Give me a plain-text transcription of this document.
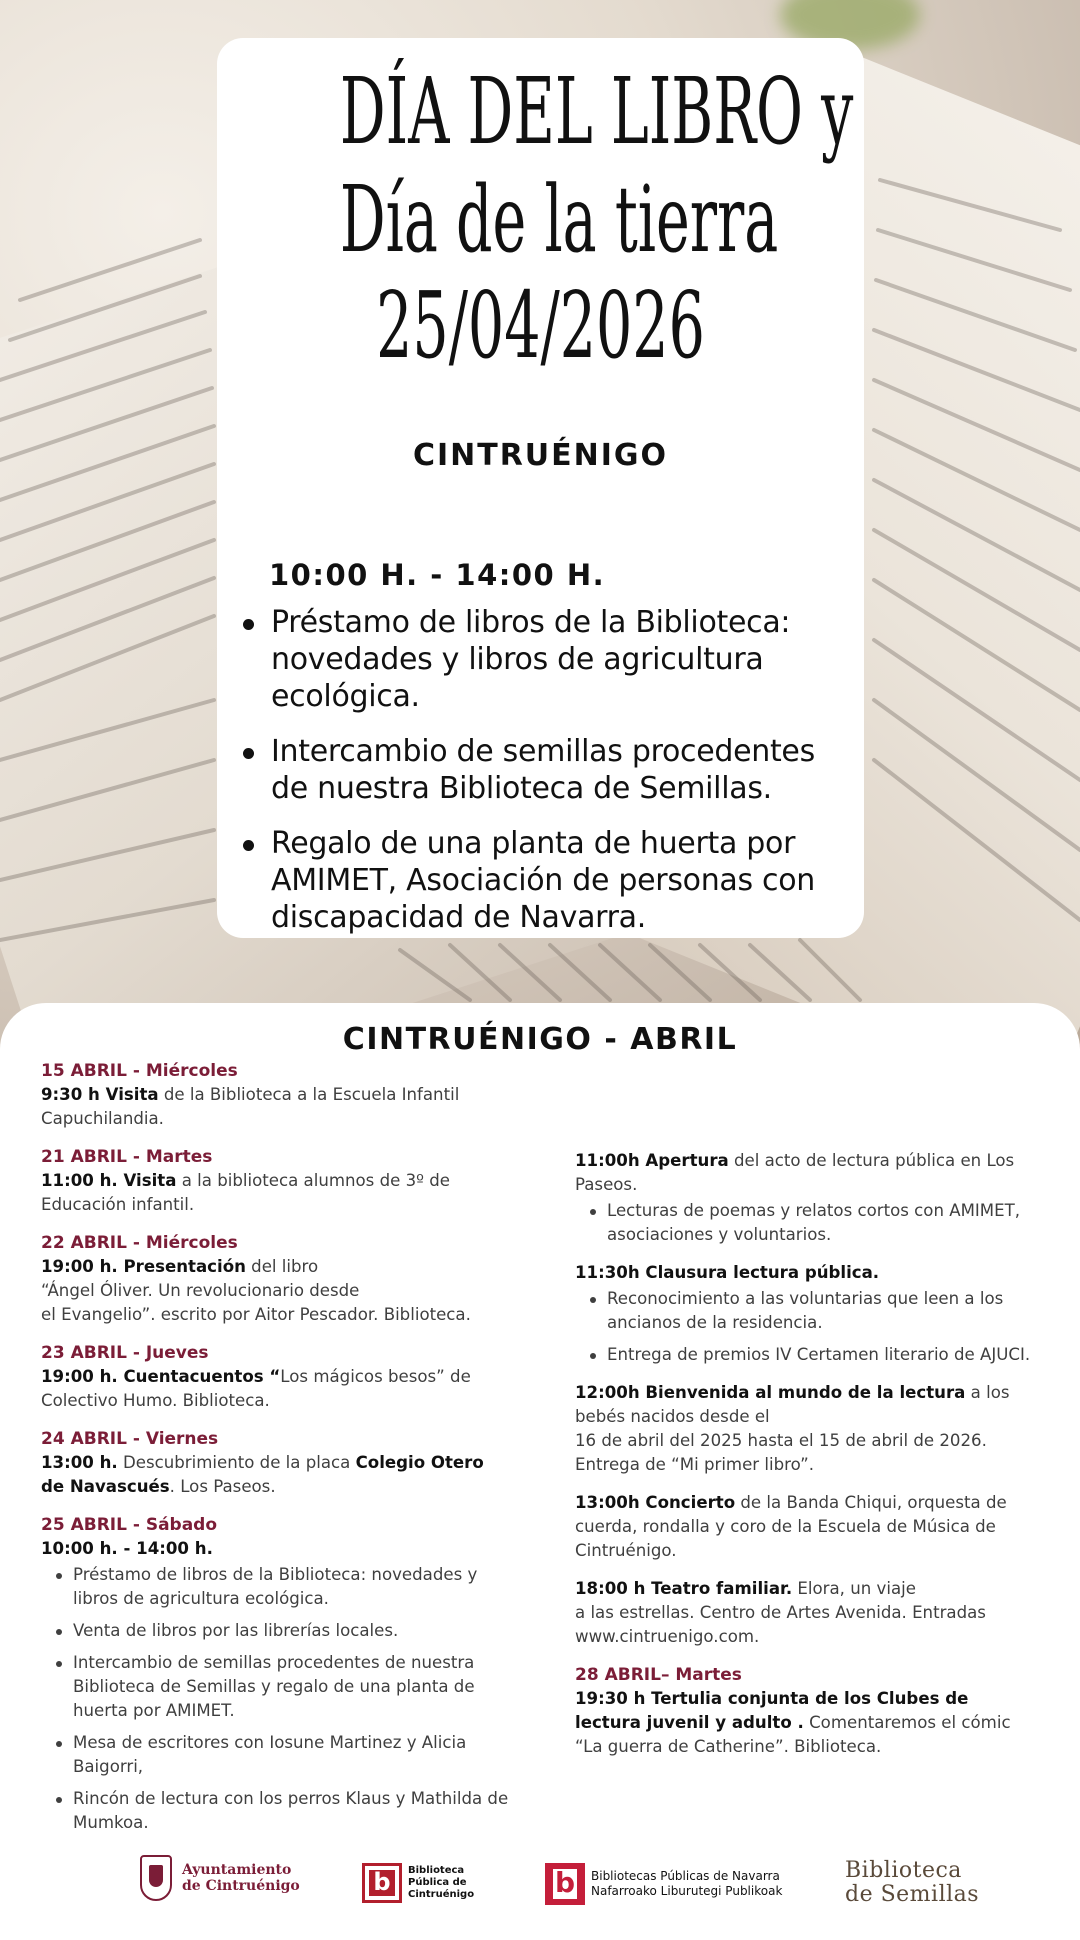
DÍA DEL LIBRO y
Día de la tierra
25/04/2026
CINTRUÉNIGO
10:00 H. - 14:00 H.
Préstamo de libros de la Biblioteca: novedades y libros de agricultura ecológica.
Intercambio de semillas procedentes de nuestra Biblioteca de Semillas.
Regalo de una planta de huerta por AMIMET, Asociación de personas con discapacidad de Navarra.
CINTRUÉNIGO - ABRIL
15 ABRIL - Miércoles
9:30 h Visita de la Biblioteca a la Escuela Infantil Capuchilandia.
21 ABRIL - Martes
11:00 h. Visita a la biblioteca alumnos de 3º de Educación infantil.
22 ABRIL - Miércoles
19:00 h. Presentación del libro
“Ángel Óliver. Un revolucionario desde
el Evangelio”. escrito por Aitor Pescador. Biblioteca.
23 ABRIL - Jueves
19:00 h. Cuentacuentos “Los mágicos besos” de Colectivo Humo. Biblioteca.
24 ABRIL - Viernes
13:00 h. Descubrimiento de la placa Colegio Otero de Navascués. Los Paseos.
25 ABRIL - Sábado
10:00 h. - 14:00 h.
Préstamo de libros de la Biblioteca: novedades y libros de agricultura ecológica.
Venta de libros por las librerías locales.
Intercambio de semillas procedentes de nuestra Biblioteca de Semillas y regalo de una planta de huerta por AMIMET.
Mesa de escritores con Iosune Martinez y Alicia Baigorri,
Rincón de lectura con los perros Klaus y Mathilda de Mumkoa.
11:00h Apertura del acto de lectura pública en Los Paseos.
Lecturas de poemas y relatos cortos con AMIMET, asociaciones y voluntarios.
11:30h Clausura lectura pública.
Reconocimiento a las voluntarias que leen a los ancianos de la residencia.
Entrega de premios IV Certamen literario de AJUCI.
12:00h Bienvenida al mundo de la lectura a los bebés nacidos desde el
16 de abril del 2025 hasta el 15 de abril de 2026.
Entrega de “Mi primer libro”.
13:00h Concierto de la Banda Chiqui, orquesta de cuerda, rondalla y coro de la Escuela de Música de Cintruénigo.
18:00 h Teatro familiar. Elora, un viaje
a las estrellas. Centro de Artes Avenida. Entradas www.cintruenigo.com.
28 ABRIL– Martes
19:30 h Tertulia conjunta de los Clubes de lectura juvenil y adulto . Comentaremos el cómic “La guerra de Catherine”. Biblioteca.
Ayuntamiento
de Cintruénigo	b	Biblioteca
Pública de
Cintruénigo	b Bibliotecas Públicas de Navarra
Nafarroako Liburutegi Publikoak
Biblioteca
de Semillas
